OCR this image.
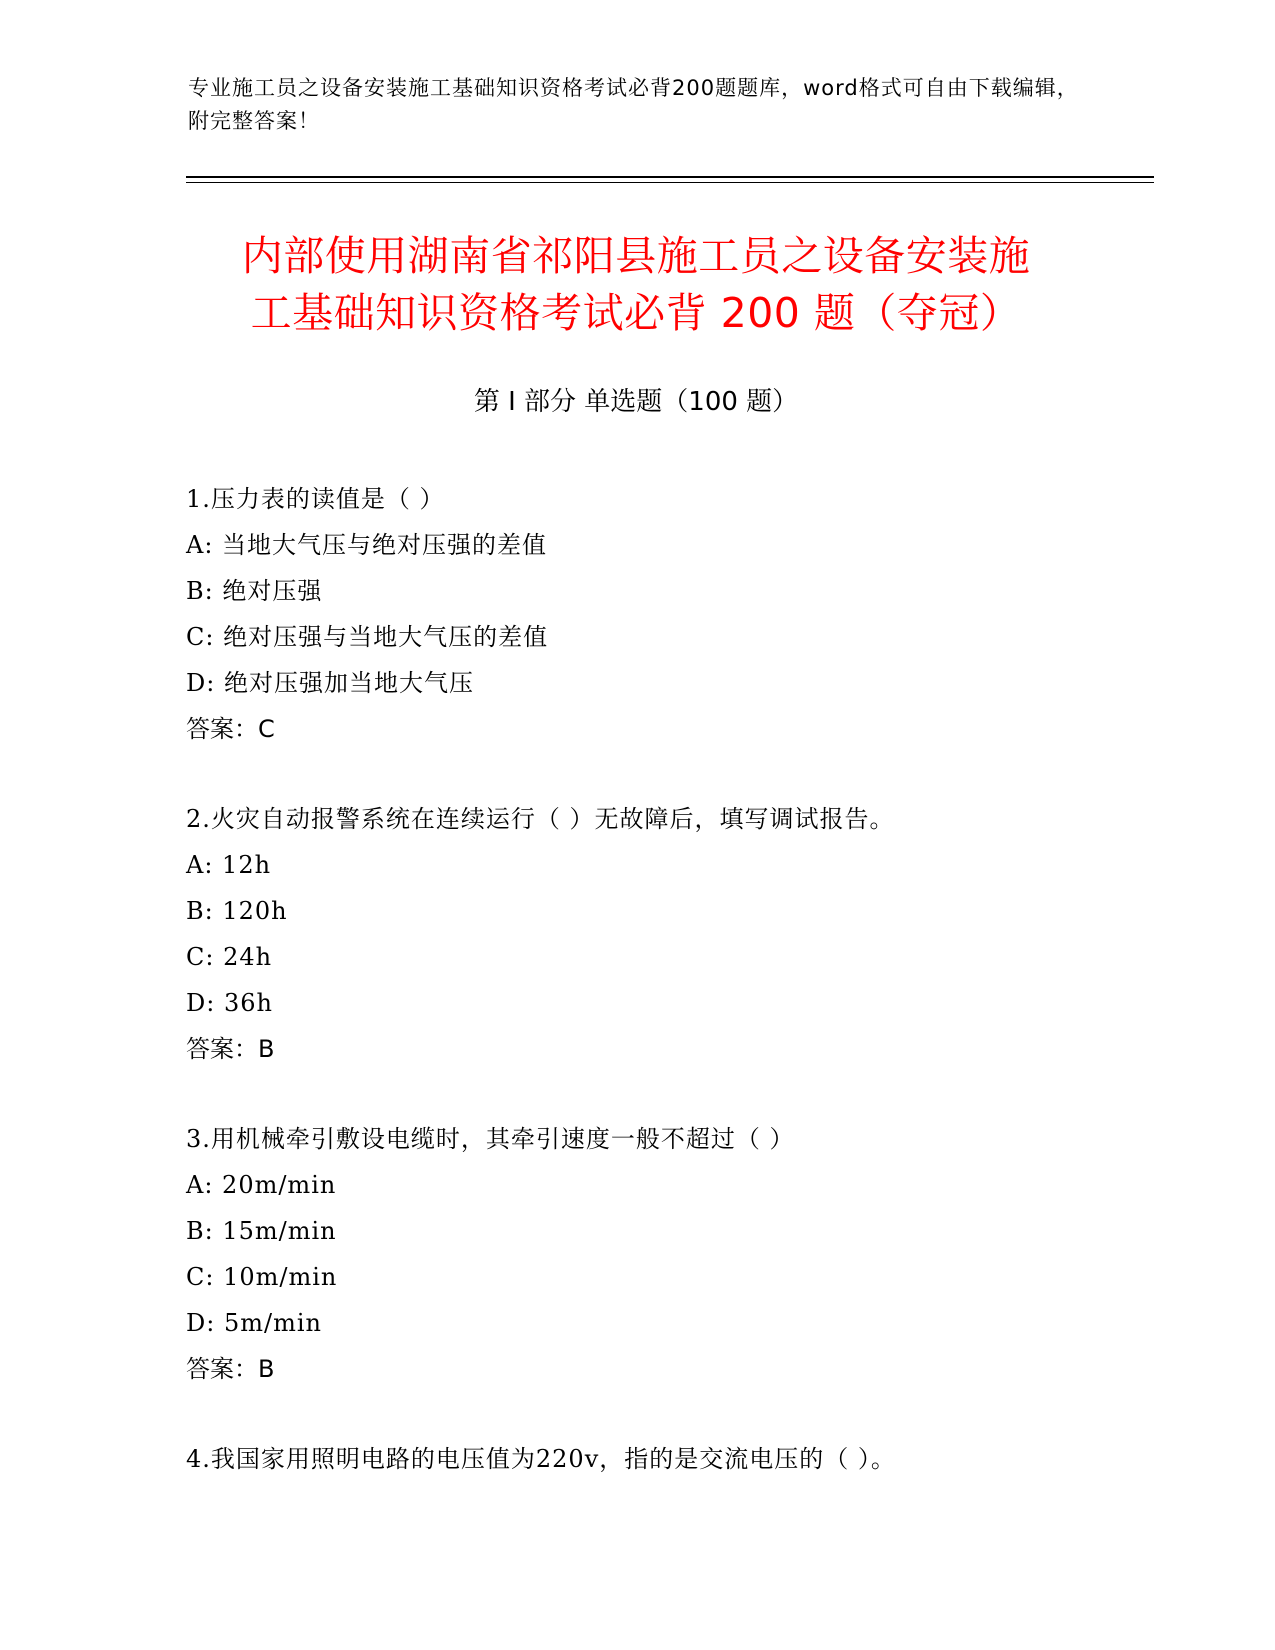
专业施工员之设备安装施工基础知识资格考试必背200题题库，word格式可自由下载编辑，附完整答案！
内部使用湖南省祁阳县施工员之设备安装施
工基础知识资格考试必背 200 题（夺冠）
第 I 部分 单选题（100 题）
1.压力表的读值是（ ）
A: 当地大气压与绝对压强的差值
B: 绝对压强
C: 绝对压强与当地大气压的差值
D: 绝对压强加当地大气压
答案：C
2.火灾自动报警系统在连续运行（ ）无故障后，填写调试报告。
A: 12h
B: 120h
C: 24h
D: 36h
答案：B
3.用机械牵引敷设电缆时，其牵引速度一般不超过（ ）
A: 20m/min
B: 15m/min
C: 10m/min
D: 5m/min
答案：B
4.我国家用照明电路的电压值为220v，指的是交流电压的（ ）。
